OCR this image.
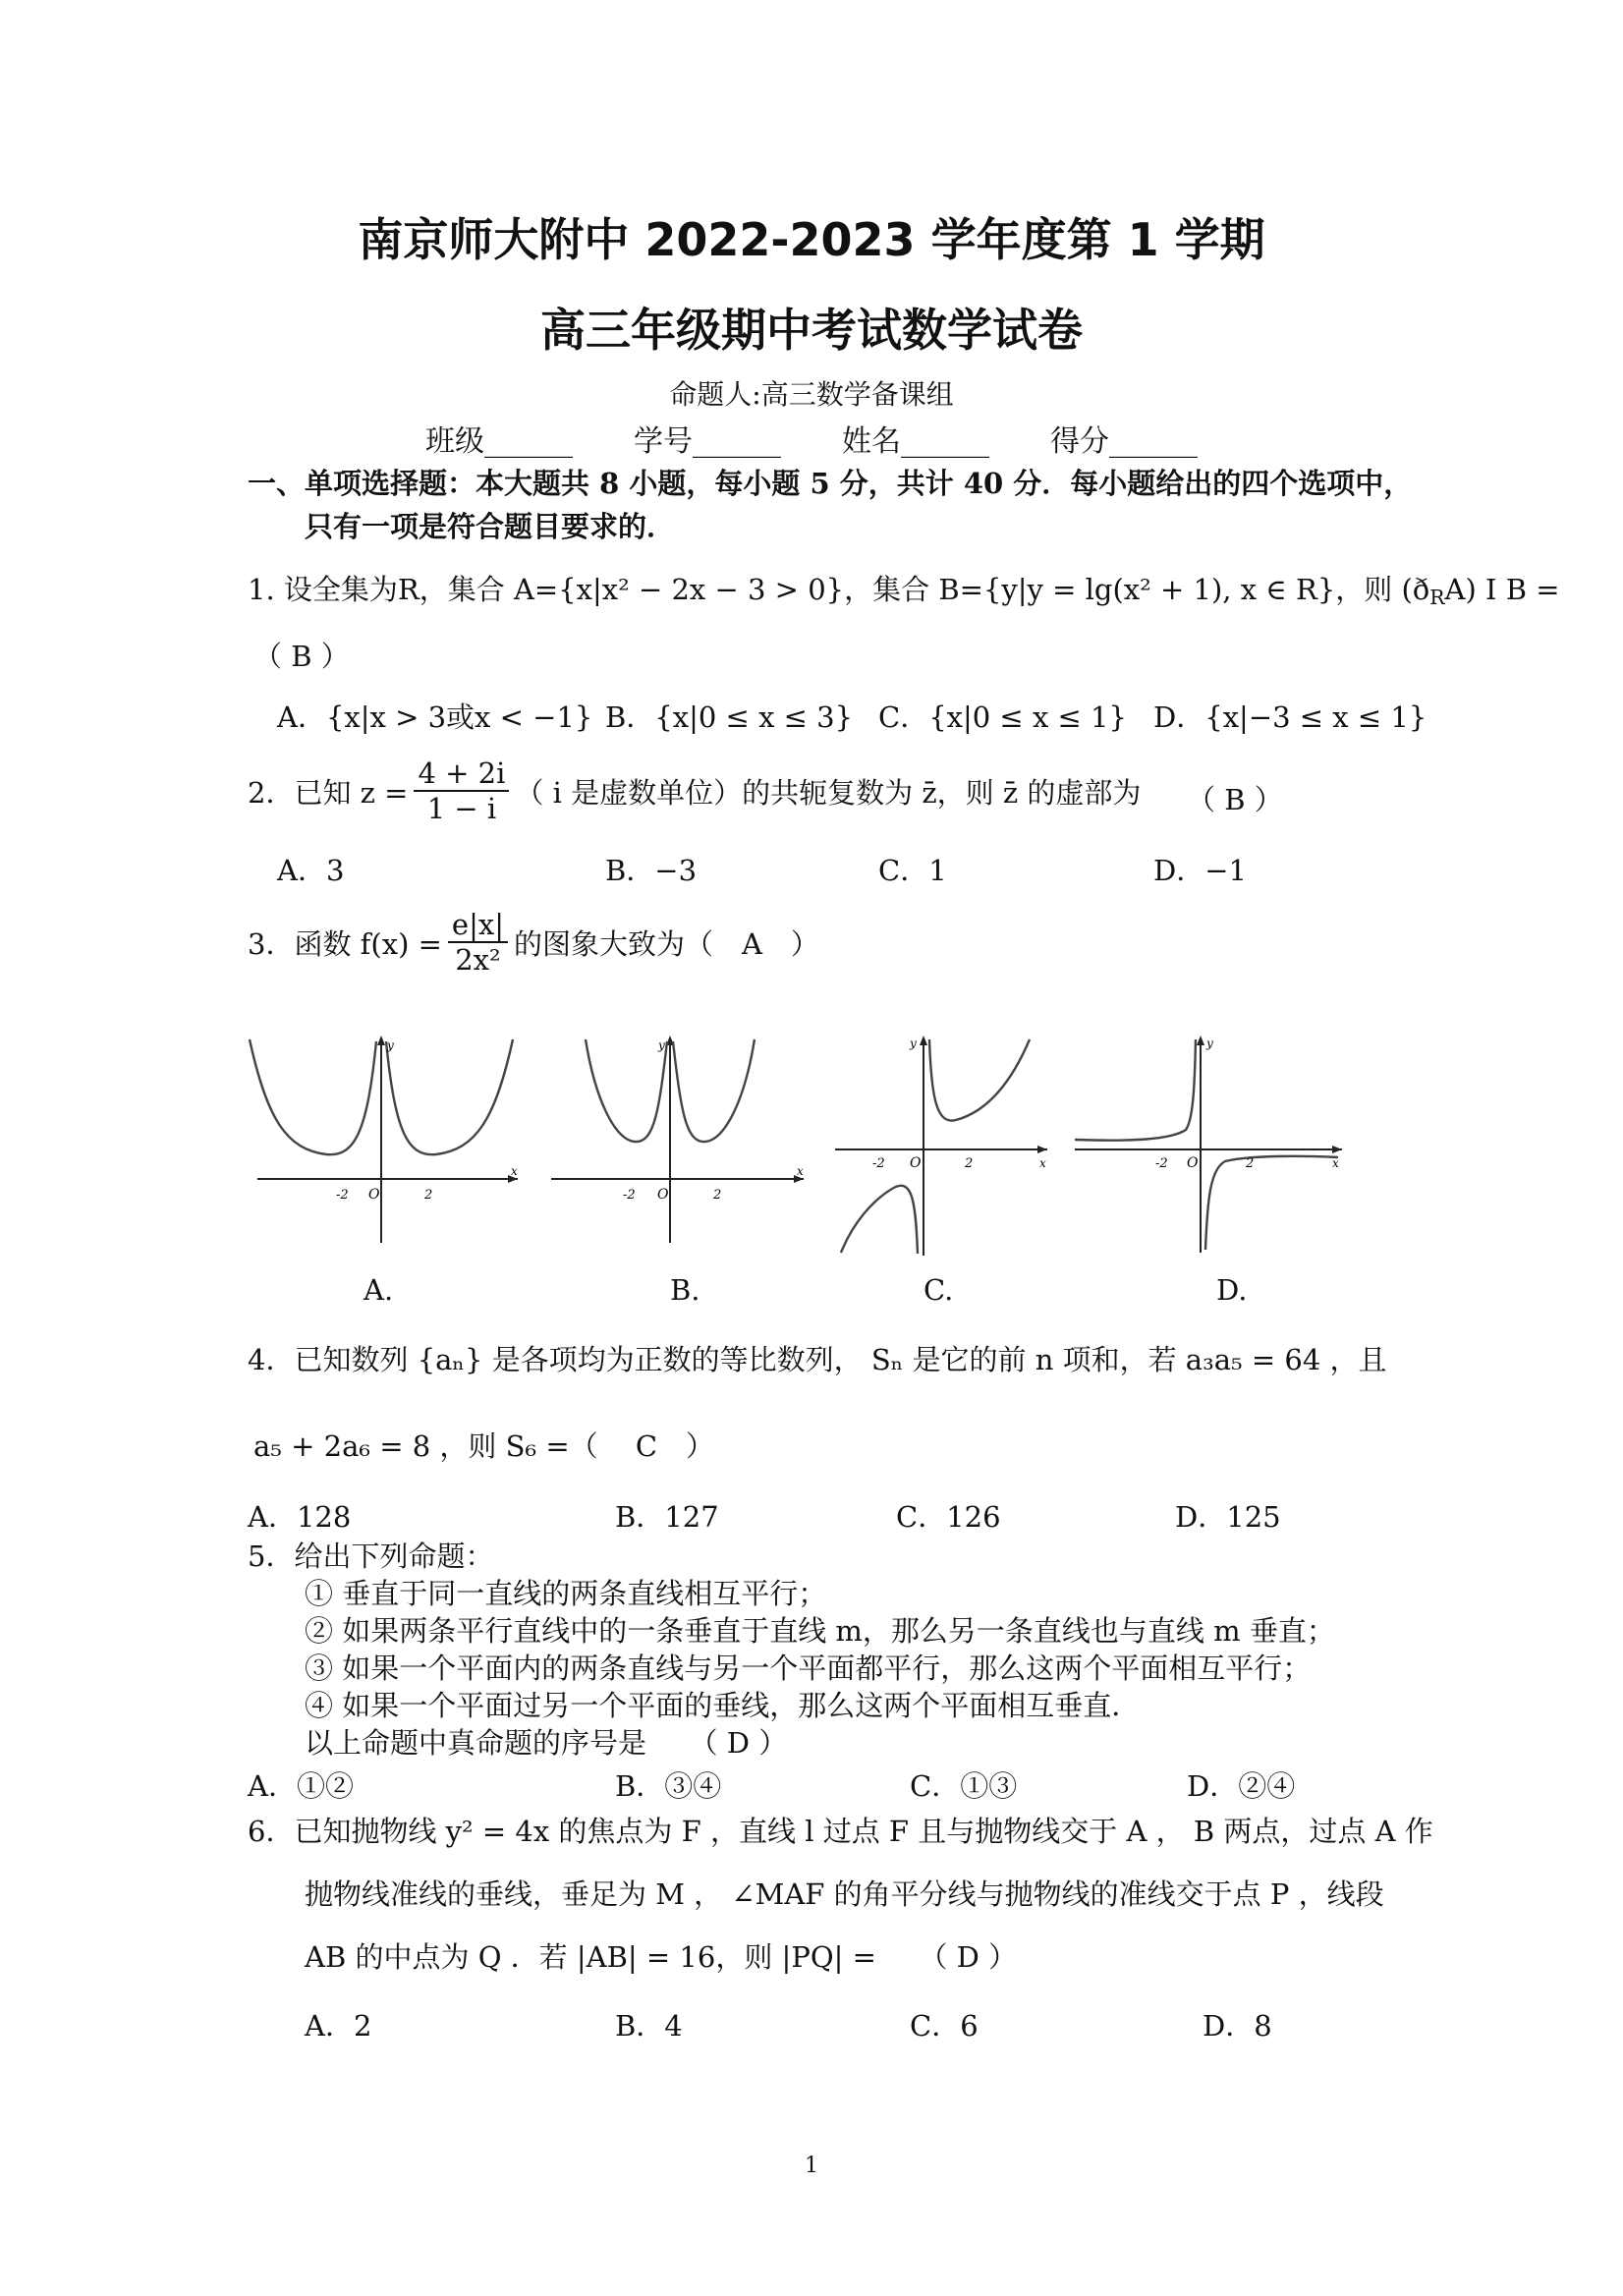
南京师大附中 2022-2023 学年度第 1 学期
高三年级期中考试数学试卷
命题人:高三数学备课组
班级______ 学号______ 姓名______ 得分______
一、单项选择题：本大题共 8 小题，每小题 5 分，共计 40 分．每小题给出的四个选项中，
只有一项是符合题目要求的．
1. 设全集为R，集合 A={x|x² − 2x − 3 > 0}，集合 B={y|y = lg(x² + 1), x ∈ R}，则 $(ð_RA)$ I B =
（ B ）
A．{x|x > 3或x < −1} B．{x|0 ≤ x ≤ 3} C．{x|0 ≤ x ≤ 1} D．{x|−3 ≤ x ≤ 1}
2．已知 $z = \frac{4 + 2i}{1 - i}$ （ i 是虚数单位）的共轭复数为 z̄，则 z̄ 的虚部为 （ B ）
A．3	B．−3	C．1	D．−1
3．函数 $f(x) = \frac{e|x|}{\text{2x²}}$ 的图象大致为（　A　）
-2 O	2
x
y
A.
-2 O	2
x
y
B.
-2 O	2	x
y
C.
-2 O	2	x
y
D.
4．已知数列 {aₙ} 是各项均为正数的等比数列， Sₙ 是它的前 n 项和，若 a₃a₅ = 64 ，且
a₅ + 2a₆ = 8 ，则 S₆ =（　 C　）
A．128	B．127	C．126	D．125
5．给出下列命题：
① 垂直于同一直线的两条直线相互平行；
② 如果两条平行直线中的一条垂直于直线 m，那么另一条直线也与直线 m 垂直；
③ 如果一个平面内的两条直线与另一个平面都平行，那么这两个平面相互平行；
④ 如果一个平面过另一个平面的垂线，那么这两个平面相互垂直．
以上命题中真命题的序号是　　（ D ）
A．①②	B．③④	C．①③	D．②④
6．已知抛物线 y² = 4x 的焦点为 F ，直线 l 过点 F 且与抛物线交于 A ， B 两点，过点 A 作
抛物线准线的垂线，垂足为 M ， ∠MAF 的角平分线与抛物线的准线交于点 P ，线段
AB 的中点为 Q ．若 |AB| = 16，则 |PQ| =　　（ D ）
A．2	B．4	C．6	D．8
1
